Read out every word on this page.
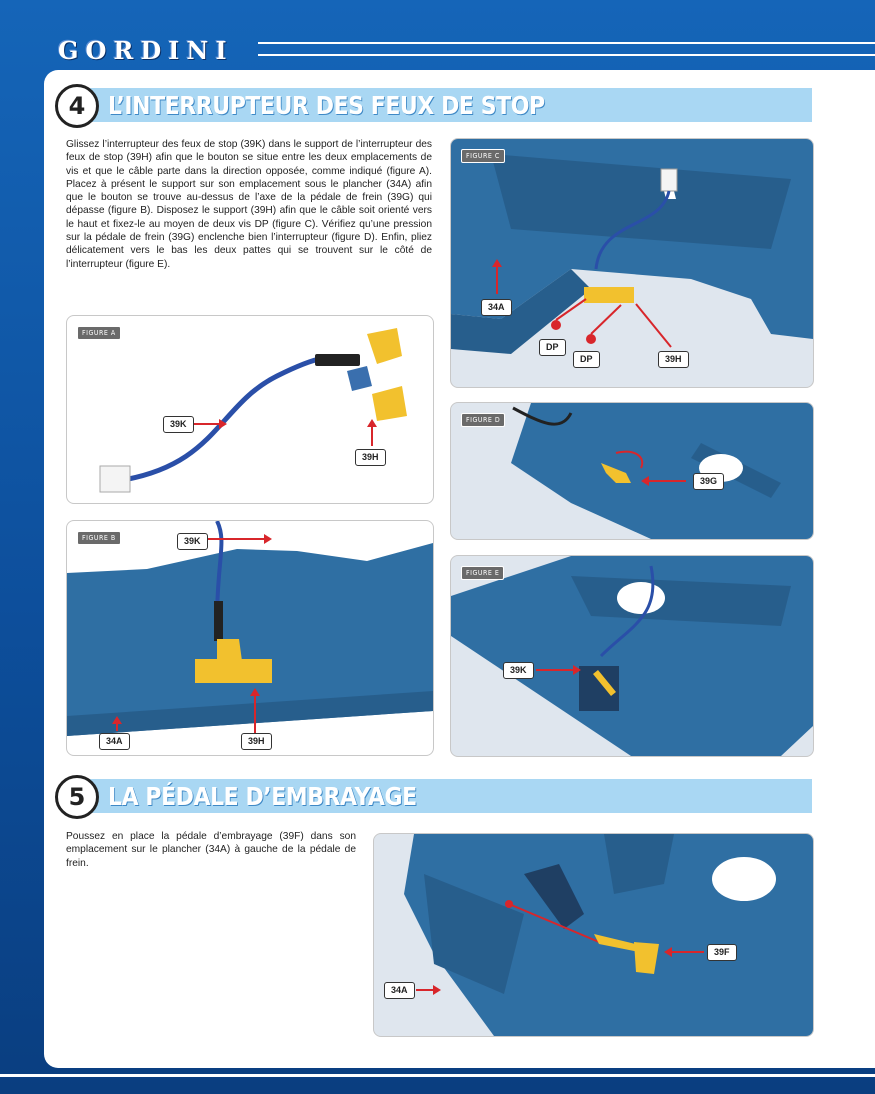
GORDINI
L’INTERRUPTEUR DES FEUX DE STOP
4

Glissez l’interrupteur des feux de stop (39K) dans le support de l’interrupteur des feux de stop (39H) afin que le bouton se situe entre les deux emplacements de vis et que le câble parte dans la direction opposée, comme indiqué (figure A). Placez à présent le support sur son emplacement sous le plancher (34A) afin que le bouton se trouve au-dessus de l’axe de la pédale de frein (39G) qui dépasse (figure B). Disposez le support (39H) afin que le câble soit orienté vers le haut et fixez-le au moyen de deux vis DP (figure C). Vérifiez qu’une pression sur la pédale de frein (39G) enclenche bien l’interrupteur (figure D). Enfin, pliez délicatement vers le bas les deux pattes qui se trouvent sur le côté de l’interrupteur (figure E).

FIGURE A
39K
39H
FIGURE B	39K
34A	39H
FIGURE C
34A
DP
DP	39H
FIGURE D
39G
FIGURE E
39K
LA PÉDALE D’EMBRAYAGE
5

Poussez en place la pédale d’embrayage (39F) dans son emplacement sur le plancher (34A) à gauche de la pédale de frein.

39F
34A
